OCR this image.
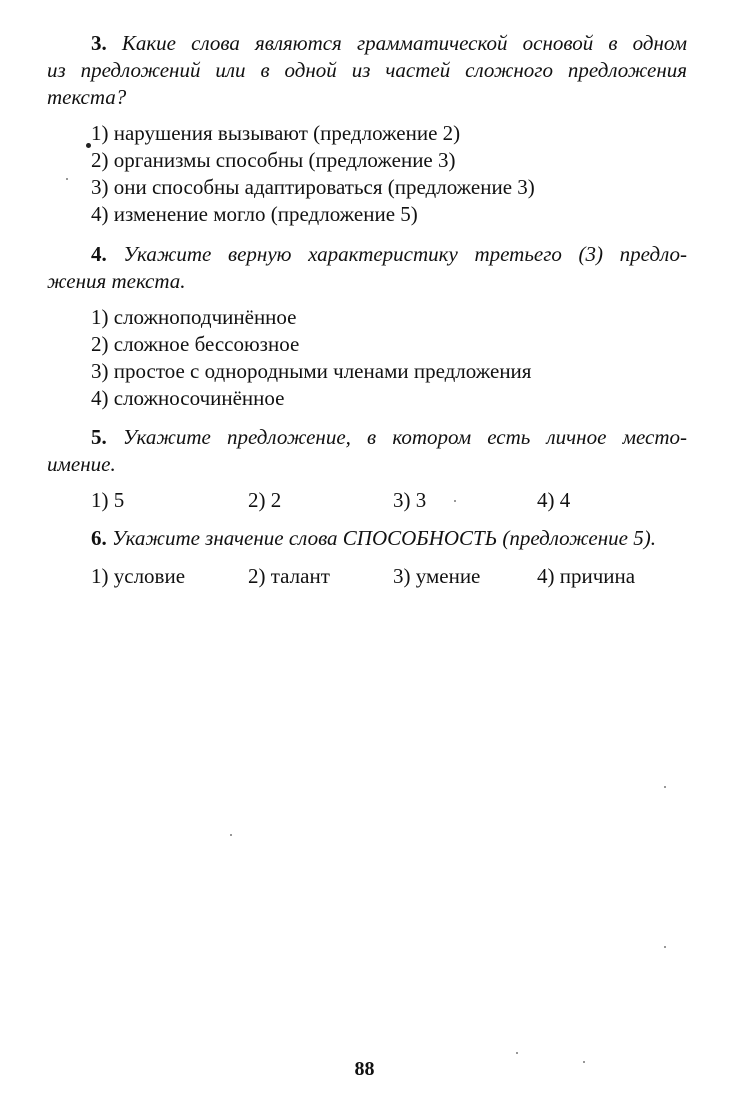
3. Какие слова являются грамматической основой в одном
из предложений или в одной из частей сложного предложения
текста?
1) нарушения вызывают (предложение 2)
2) организмы способны (предложение 3)
3) они способны адаптироваться (предложение 3)
4) изменение могло (предложение 5)
4. Укажите верную характеристику третьего (3) предло-
жения текста.
1) сложноподчинённое
2) сложное бессоюзное
3) простое с однородными членами предложения
4) сложносочинённое
5. Укажите предложение, в котором есть личное место-
имение.
1) 5	2) 2	3) 3	4) 4
6. Укажите значение слова СПОСОБНОСТЬ (предложение 5).
1) условие	2) талант	3) умение	4) причина
88
